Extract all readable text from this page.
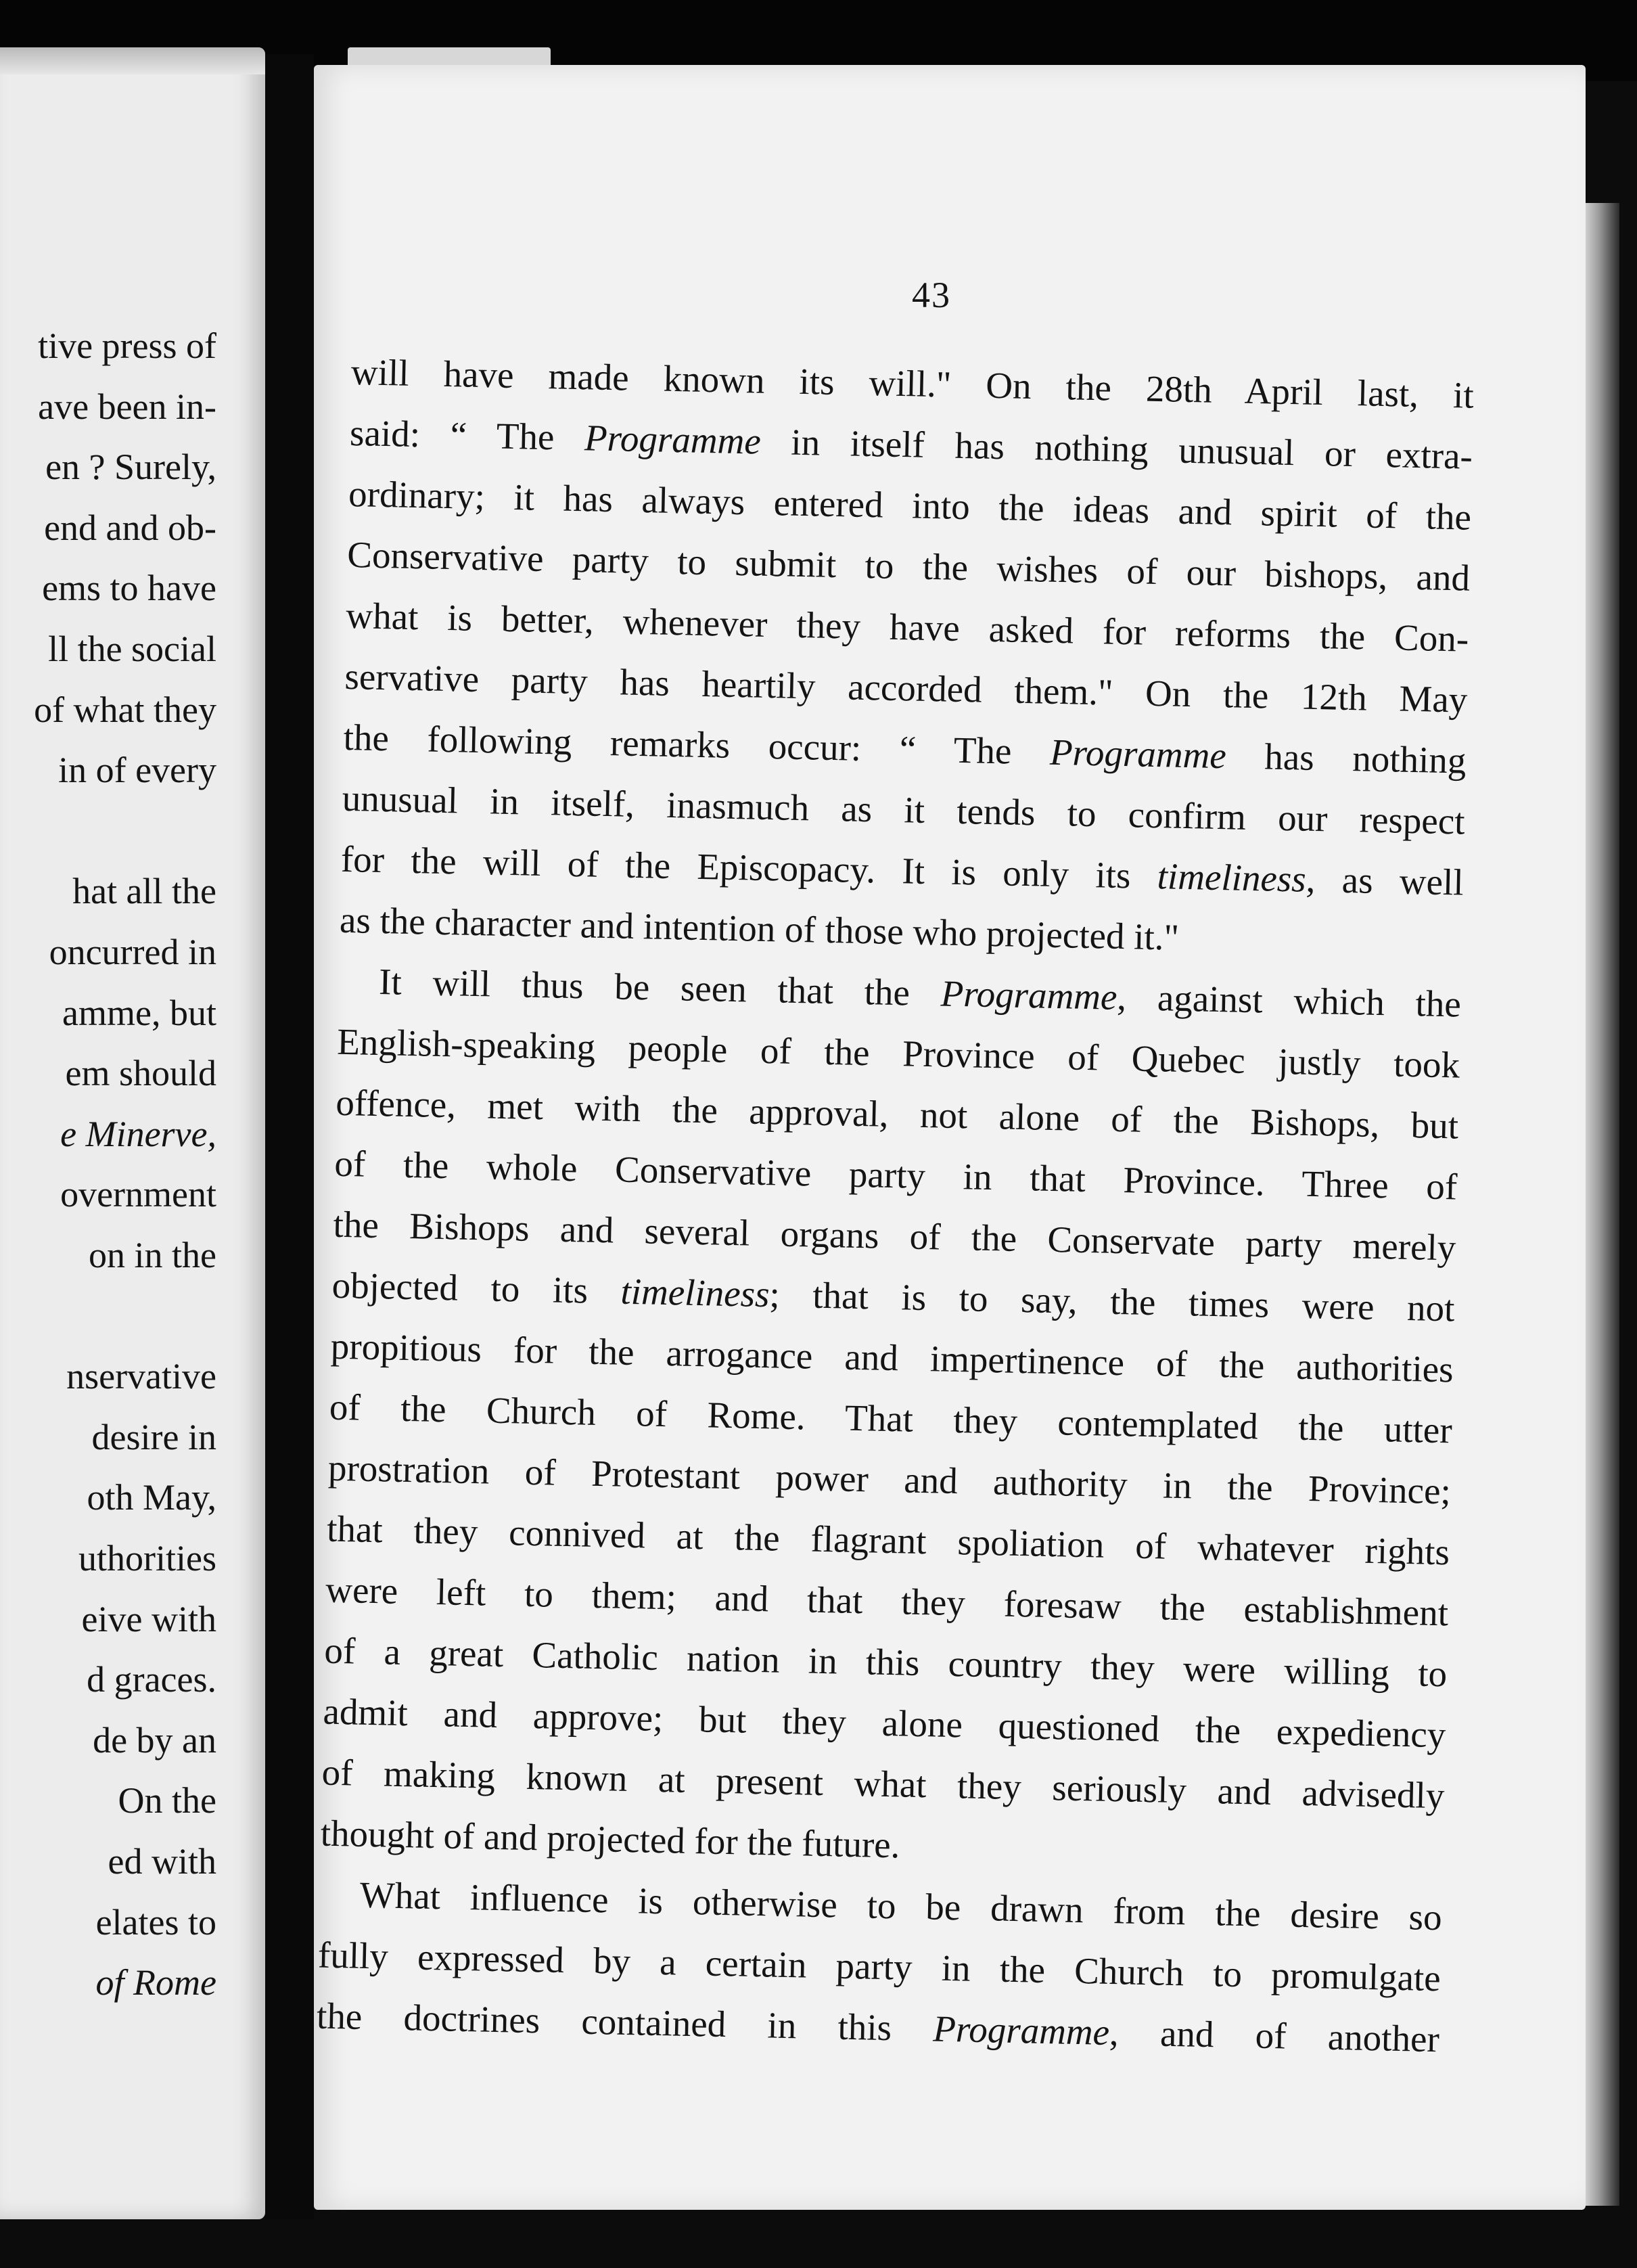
tive press of
ave been in-
en ? Surely,
end and ob-
ems to have
ll the social
of what they
in of every
hat all the
oncurred in
amme, but
em should
e Minerve,
overnment
on in the
nservative
desire in
oth May,
uthorities
eive with
d graces.
de by an
On the
ed with
elates to
of Rome
43
will have made known its will." On the 28th April last, it
said: “ The Programme in itself has nothing unusual or extra-
ordinary; it has always entered into the ideas and spirit of the
Conservative party to submit to the wishes of our bishops, and
what is better, whenever they have asked for reforms the Con-
servative party has heartily accorded them." On the 12th May
the following remarks occur: “ The Programme has nothing
unusual in itself, inasmuch as it tends to confirm our respect
for the will of the Episcopacy. It is only its timeliness, as well
as the character and intention of those who projected it."
It will thus be seen that the Programme, against which the
English-speaking people of the Province of Quebec justly took
offence, met with the approval, not alone of the Bishops, but
of the whole Conservative party in that Province. Three of
the Bishops and several organs of the Conservate party merely
objected to its timeliness; that is to say, the times were not
propitious for the arrogance and impertinence of the authorities
of the Church of Rome. That they contemplated the utter
prostration of Protestant power and authority in the Province;
that they connived at the flagrant spoliation of whatever rights
were left to them; and that they foresaw the establishment
of a great Catholic nation in this country they were willing to
admit and approve; but they alone questioned the expediency
of making known at present what they seriously and advisedly
thought of and projected for the future.
What influence is otherwise to be drawn from the desire so
fully expressed by a certain party in the Church to promulgate
the doctrines contained in this Programme, and of another
